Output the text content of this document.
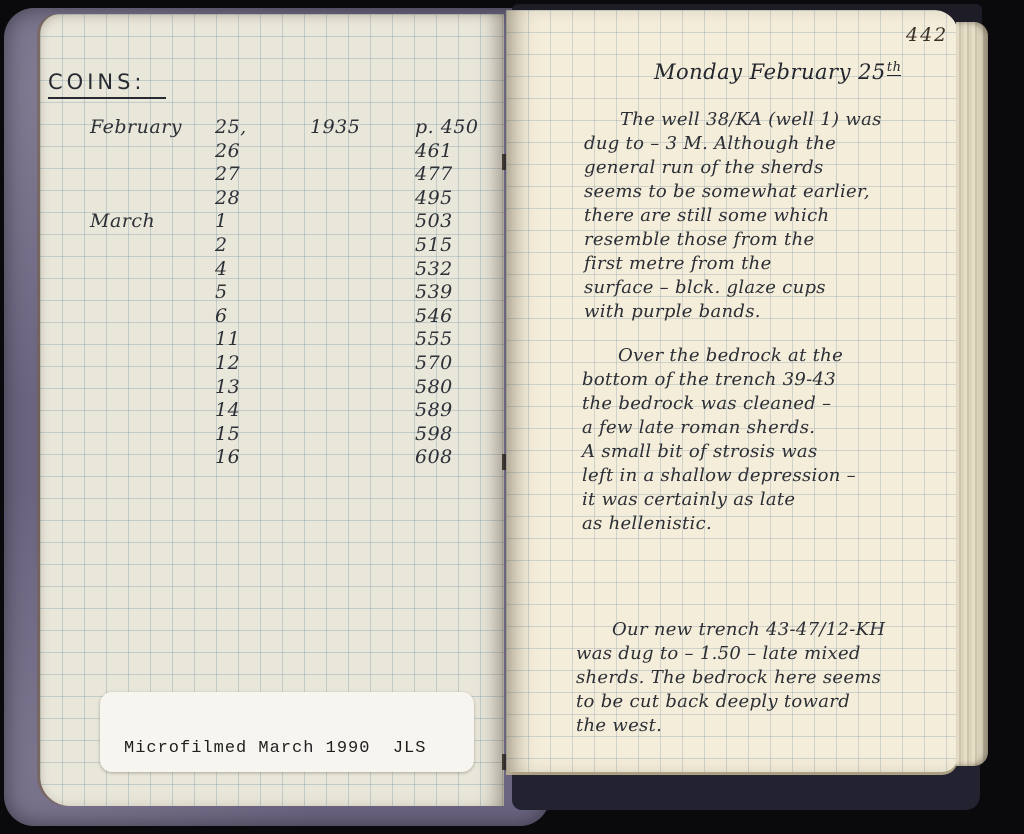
COINS:
February	25,	1935	p. 450
26	461
27	477
28	495
March	1	503
2	515
4	532
5	539
6	546
11	555
12	570
13	580
14	589
15	598
16	608
Microfilmed March 1990  JLS
442
Monday February 25th
The well 38/KA (well 1) was
dug to – 3 M. Although the
general run of the sherds
seems to be somewhat earlier,
there are still some which
resemble those from the
first metre from the
surface – blck. glaze cups
with purple bands.
Over the bedrock at the
bottom of the trench 39-43
the bedrock was cleaned –
a few late roman sherds.
A small bit of strosis was
left in a shallow depression –
it was certainly as late
as hellenistic.
Our new trench 43-47/12-KH
was dug to – 1.50 – late mixed
sherds. The bedrock here seems
to be cut back deeply toward
the west.
